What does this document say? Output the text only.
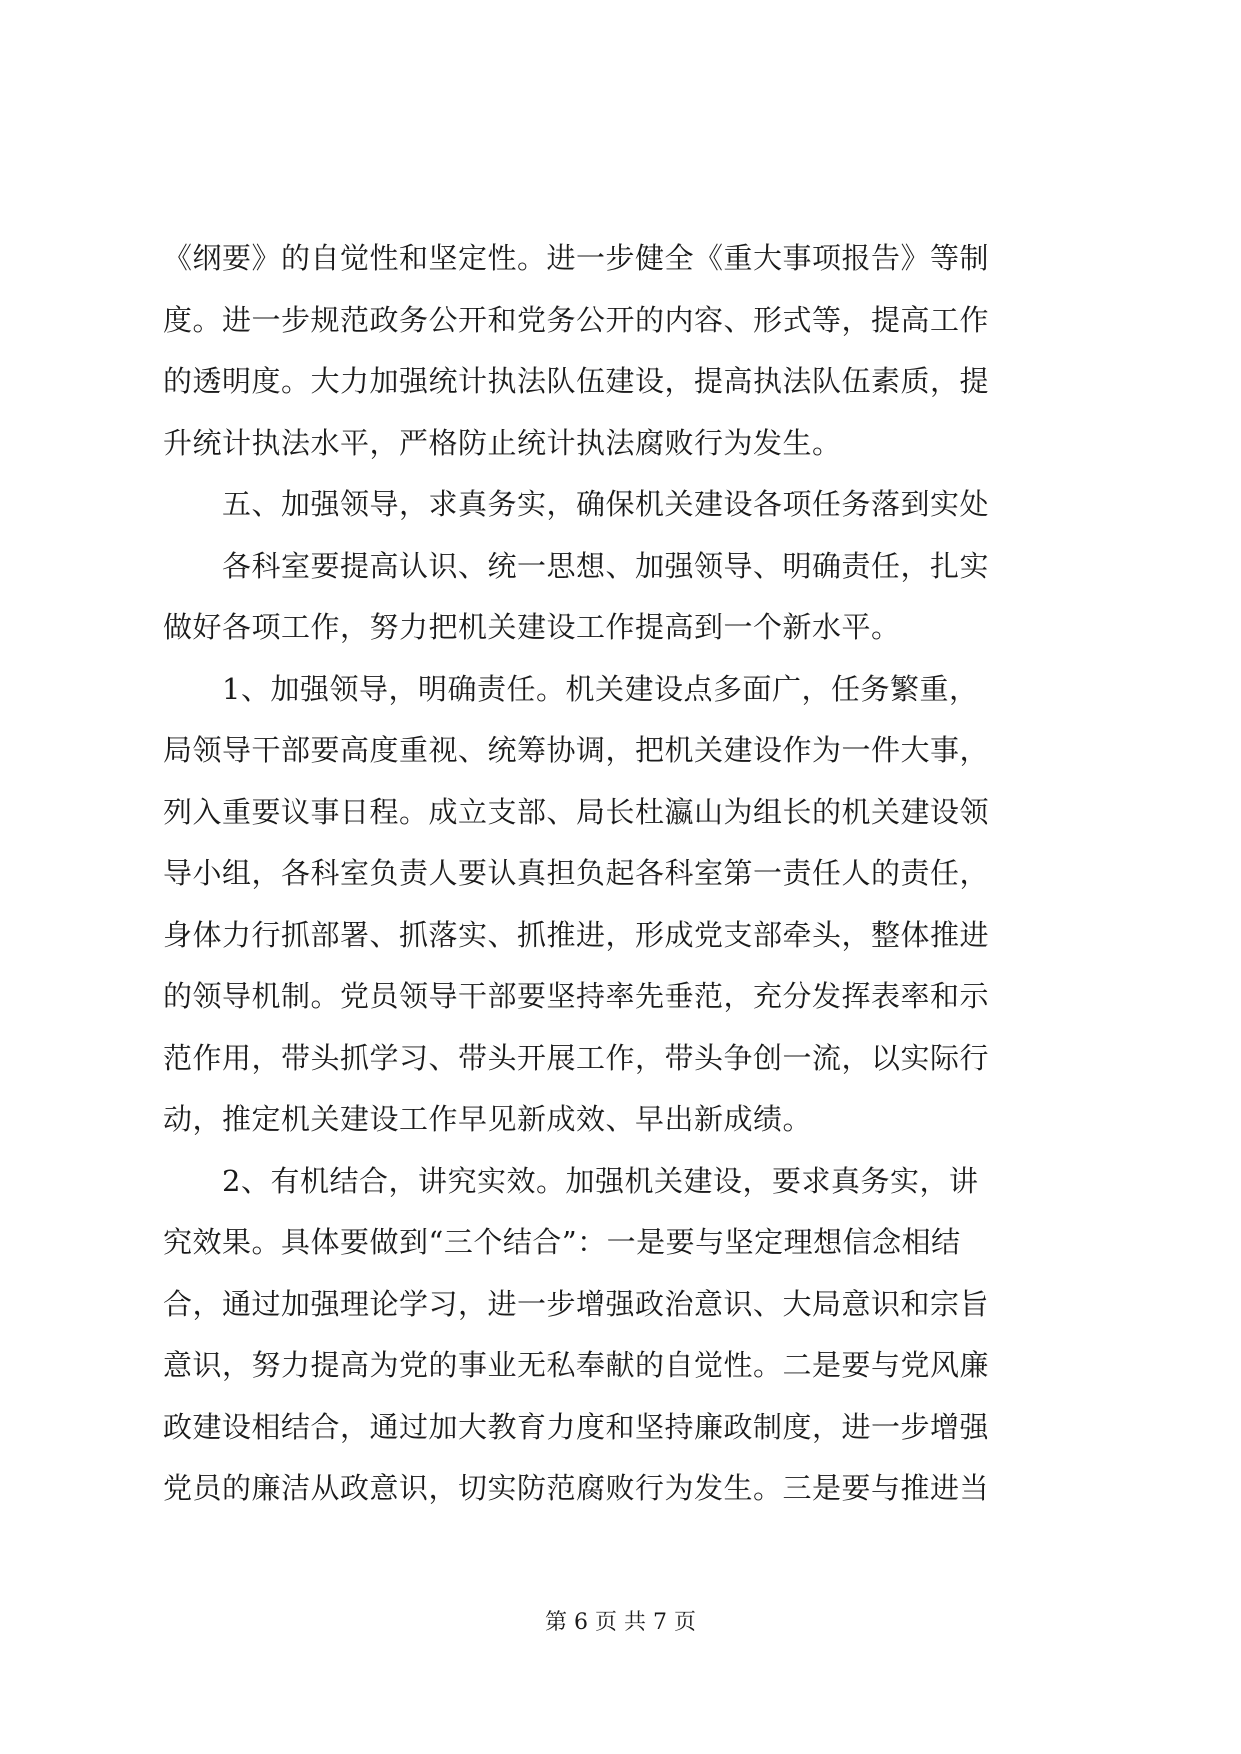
《纲要》的自觉性和坚定性。进一步健全《重大事项报告》等制
度。进一步规范政务公开和党务公开的内容、形式等，提高工作
的透明度。大力加强统计执法队伍建设，提高执法队伍素质，提
升统计执法水平，严格防止统计执法腐败行为发生。
　　五、加强领导，求真务实，确保机关建设各项任务落到实处
　　各科室要提高认识、统一思想、加强领导、明确责任，扎实
做好各项工作，努力把机关建设工作提高到一个新水平。
　　1、加强领导，明确责任。机关建设点多面广，任务繁重，
局领导干部要高度重视、统筹协调，把机关建设作为一件大事，
列入重要议事日程。成立支部、局长杜瀛山为组长的机关建设领
导小组，各科室负责人要认真担负起各科室第一责任人的责任，
身体力行抓部署、抓落实、抓推进，形成党支部牵头，整体推进
的领导机制。党员领导干部要坚持率先垂范，充分发挥表率和示
范作用，带头抓学习、带头开展工作，带头争创一流，以实际行
动，推定机关建设工作早见新成效、早出新成绩。
　　2、有机结合，讲究实效。加强机关建设，要求真务实，讲
究效果。具体要做到“三个结合”：一是要与坚定理想信念相结
合，通过加强理论学习，进一步增强政治意识、大局意识和宗旨
意识，努力提高为党的事业无私奉献的自觉性。二是要与党风廉
政建设相结合，通过加大教育力度和坚持廉政制度，进一步增强
党员的廉洁从政意识，切实防范腐败行为发生。三是要与推进当
第 6 页 共 7 页
